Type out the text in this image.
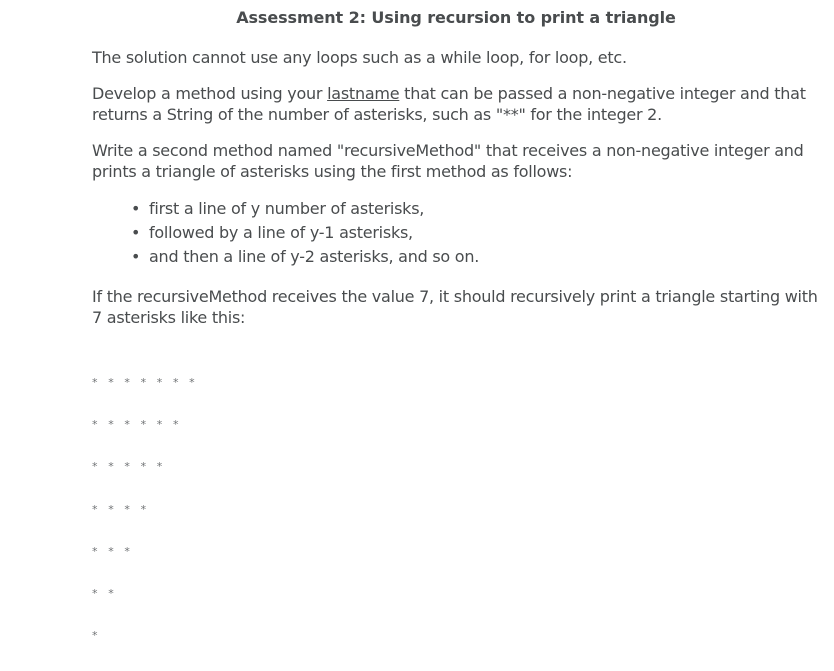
Assessment 2: Using recursion to print a triangle

The solution cannot use any loops such as a while loop, for loop, etc.

Develop a method using your lastname that can be passed a non-negative integer and that returns a String of the number of asterisks, such as "**" for the integer 2.

Write a second method named "recursiveMethod" that receives a non-negative integer and prints a triangle of asterisks using the first method as follows:

• first a line of y number of asterisks,
• followed by a line of y-1 asterisks,
• and then a line of y-2 asterisks, and so on.

If the recursiveMethod receives the value 7, it should recursively print a triangle starting with 7 asterisks like this:

* * * * * * *
* * * * * *
* * * * *
* * * *
* * *
* *
*
